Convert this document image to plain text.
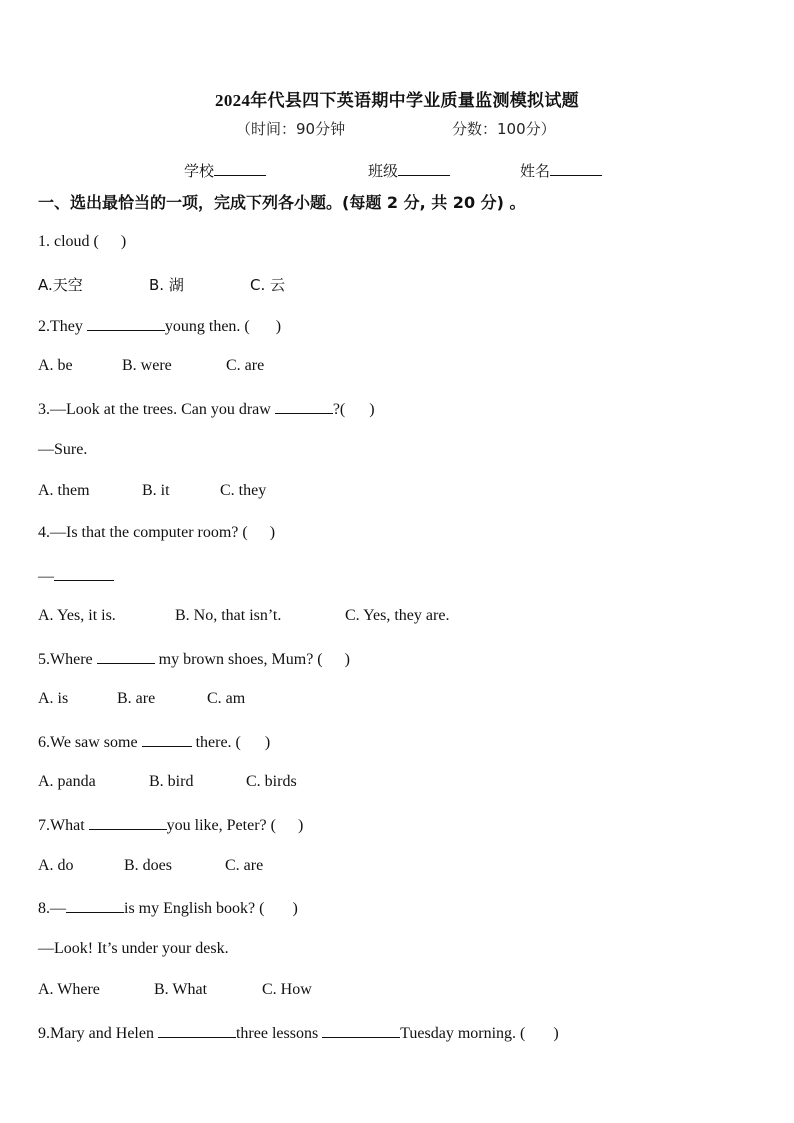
2024年代县四下英语期中学业质量监测模拟试题
（时间：90分钟	分数：100分）
学校	班级	姓名
一、选出最恰当的一项，完成下列各小题。(每题 2 分, 共 20 分) 。
1. cloud ( )
A.天空	B. 湖	C. 云
2.They	young then. ( )
A. be	B. were	C. are
3.—Look at the trees. Can you draw	?( )
—Sure.
A. them	B. it	C. they
4.—Is that the computer room? ( )
—
A. Yes, it is.	B. No, that isn’t.	C. Yes, they are.
5.Where	my brown shoes, Mum? ( )
A. is	B. are	C. am
6.We saw some	there. ( )
A. panda	B. bird	C. birds
7.What	you like, Peter? ( )
A. do	B. does	C. are
8.—	is my English book? ( )
—Look! It’s under your desk.
A. Where	B. What	C. How
9.Mary and Helen	three lessons	Tuesday morning. ( )
